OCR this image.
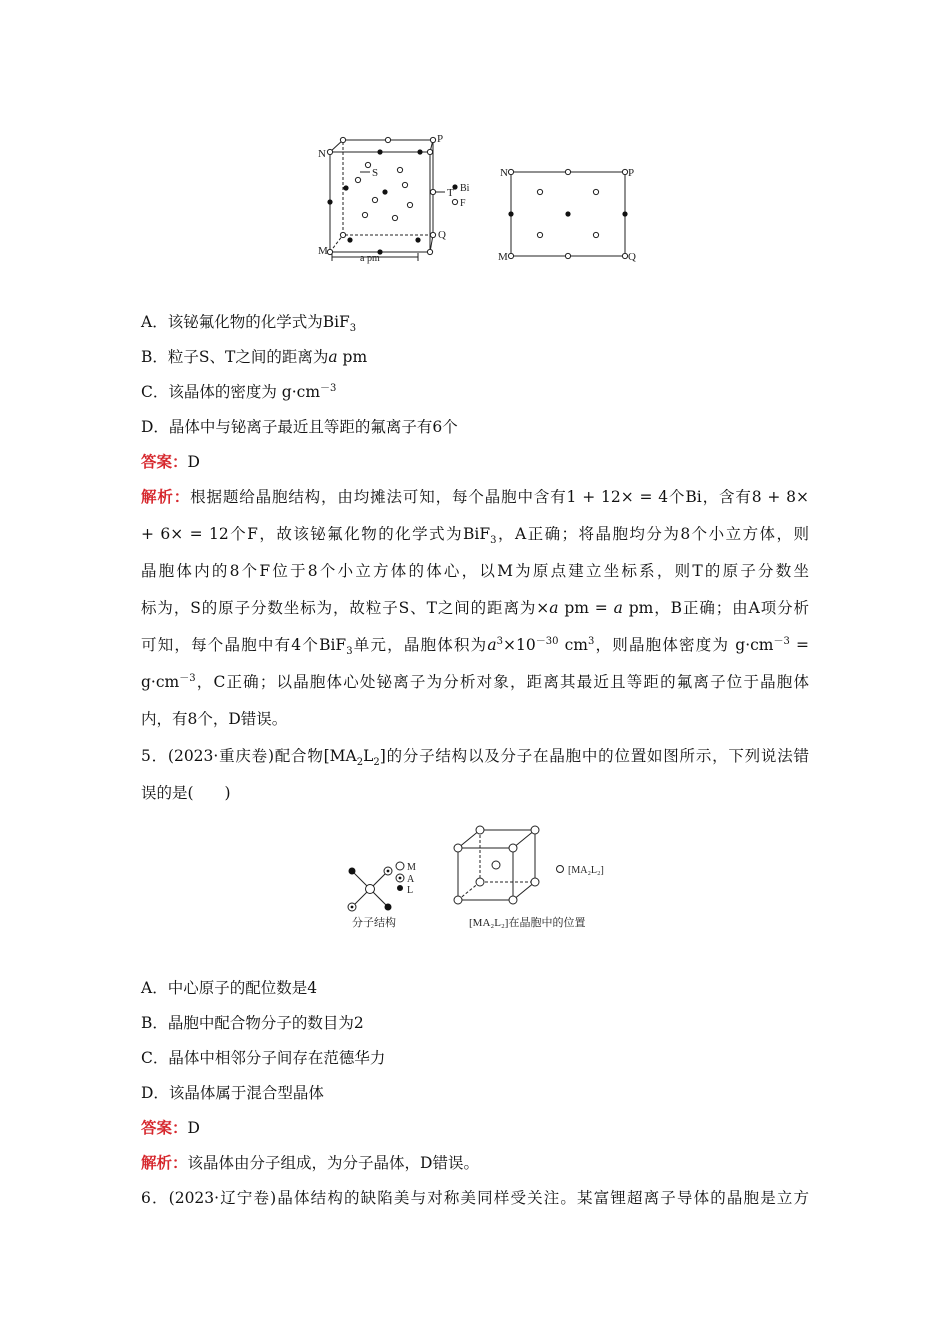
N
P
M
Q
S
T Bi
F
a pm
N	P
M	Q
A．该铋氟化物的化学式为BiF$_3$
B．粒子S、T之间的距离为a pm
C．该晶体的密度为 $g\cdot cm^{-3}$
D．晶体中与铋离子最近且等距的氟离子有6个
答案：D
解析：根据题给晶胞结构，由均摊法可知，每个晶胞中含有1 + 12× = 4个Bi，含有8 + 8×
+ 6× = 12个F，故该铋氟化物的化学式为BiF$_3$，A正确；将晶胞均分为8个小立方体，则
晶胞体内的8个F位于8个小立方体的体心，以M为原点建立坐标系，则T的原子分数坐
标为，S的原子分数坐标为，故粒子S、T之间的距离为×a pm = a pm，B正确；由A项分析
可知，每个晶胞中有4个BiF$_3$单元，晶胞体积为$a^3\times 10^{-30}$ $cm^3$，则晶胞体密度为 $g\cdot cm^{-3}$ =
$g\cdot cm^{-3}$，C正确；以晶胞体心处铋离子为分析对象，距离其最近且等距的氟离子位于晶胞体
内，有8个，D错误。
5．(2023·重庆卷)配合物$[MA_2L_2]$的分子结构以及分子在晶胞中的位置如图所示，下列说法错
误的是(　　)
M
A
L
分子结构	[MA₂L₂]在晶胞中的位置
[MA₂L₂]
A．中心原子的配位数是4
B．晶胞中配合物分子的数目为2
C．晶体中相邻分子间存在范德华力
D．该晶体属于混合型晶体
答案：D
解析：该晶体由分子组成，为分子晶体，D错误。
6．(2023·辽宁卷)晶体结构的缺陷美与对称美同样受关注。某富锂超离子导体的晶胞是立方
